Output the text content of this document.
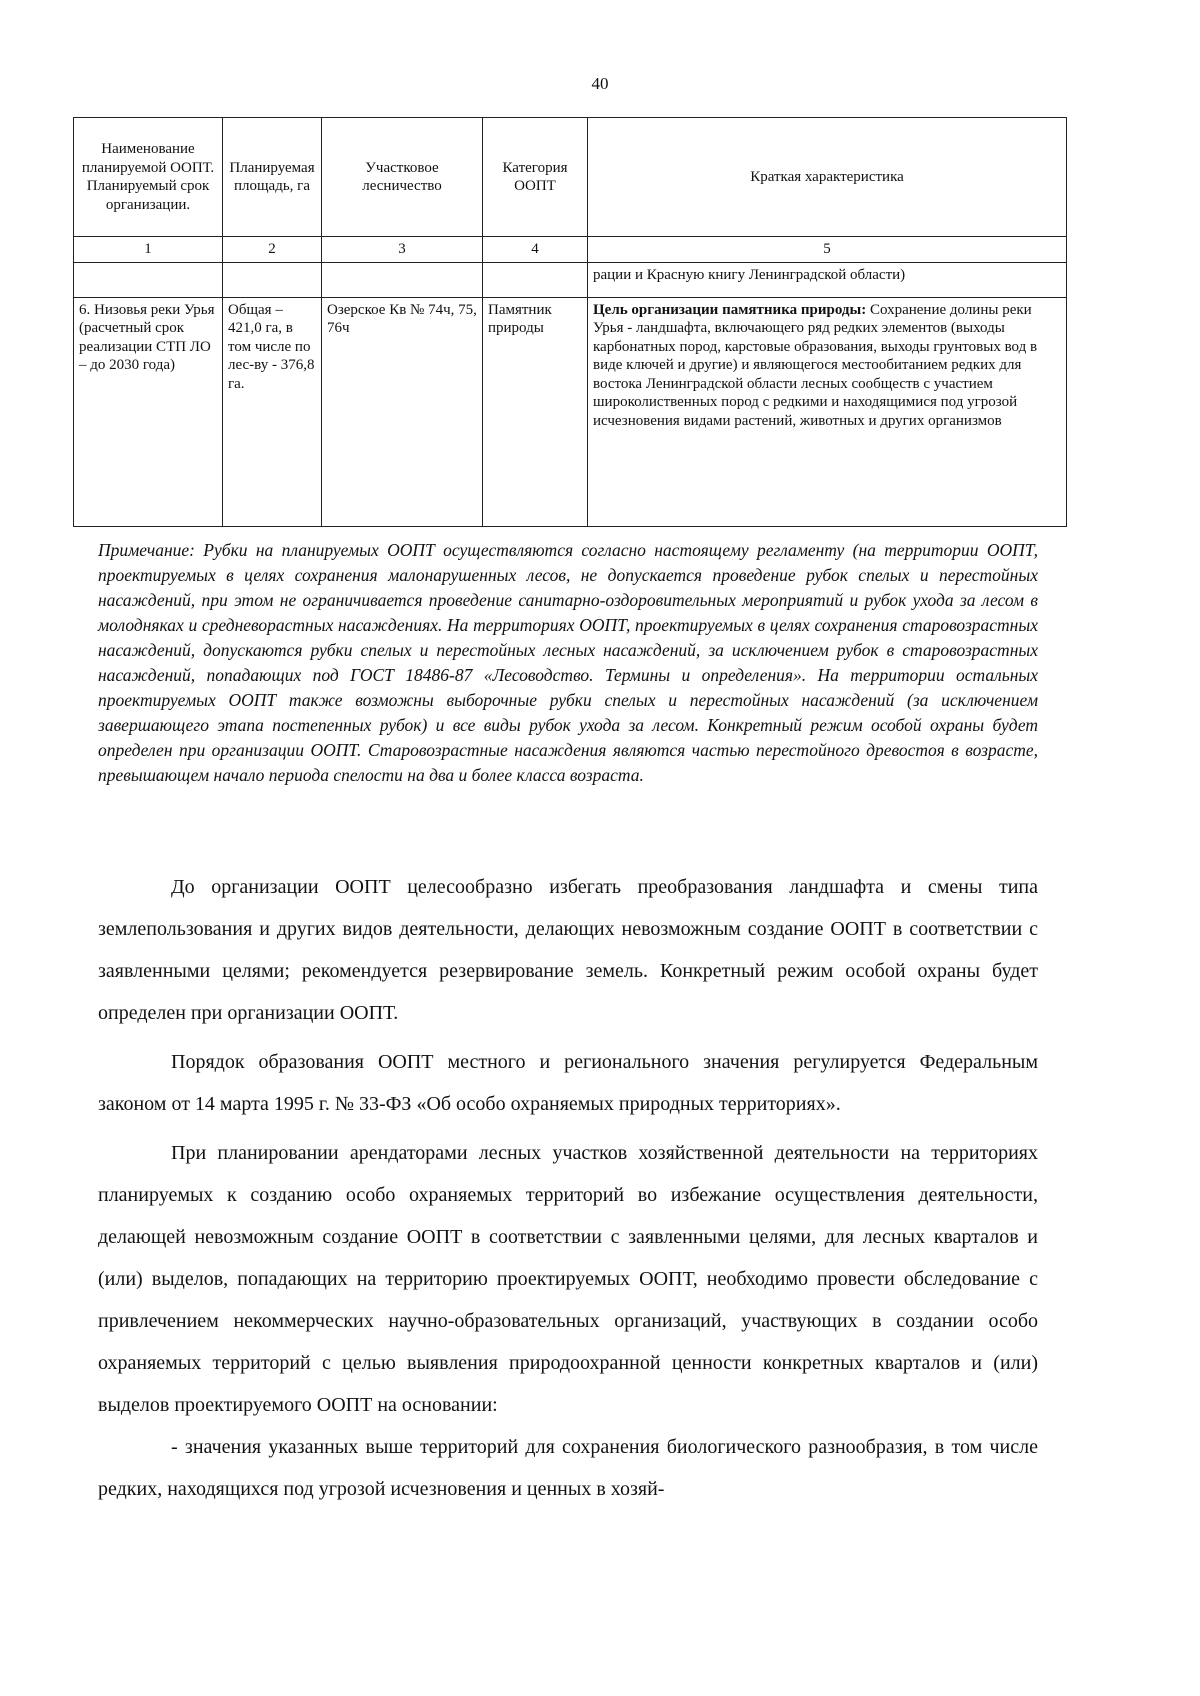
40
Наименование планируемой ООПТ. Планируемый срок организации.	Планируемая площадь, га	Участковое лесничество	Категория ООПТ	Краткая характеристика
1	2	3	4	5
				рации и Красную книгу Ленинградской области)
6. Низовья реки Урья (расчетный срок реализации СТП ЛО – до 2030 года)	Общая – 421,0 га, в том числе по лес-ву - 376,8 га.	Озерское Кв № 74ч, 75, 76ч	Памятник природы	Цель организации памятника природы: Сохранение долины реки Урья - ландшафта, включающего ряд редких элементов (выходы карбонатных пород, карстовые образования, выходы грунтовых вод в виде ключей и другие) и являющегося местообитанием редких для востока Ленинградской области лесных сообществ с участием широколиственных пород с редкими и находящимися под угрозой исчезновения видами растений, животных и других организмов
Примечание: Рубки на планируемых ООПТ осуществляются согласно настоящему регламенту (на территории ООПТ, проектируемых в целях сохранения малонарушенных лесов, не допускается проведение рубок спелых и перестойных насаждений, при этом не ограничивается проведение санитарно-оздоровительных мероприятий и рубок ухода за лесом в молодняках и средневорастных насаждениях. На территориях ООПТ, проектируемых в целях сохранения старовозрастных насаждений, допускаются рубки спелых и перестойных лесных насаждений, за исключением рубок в старовозрастных насаждений, попадающих под ГОСТ 18486-87 «Лесоводство. Термины и определения». На территории остальных проектируемых ООПТ также возможны выборочные рубки спелых и перестойных насаждений (за исключением завершающего этапа постепенных рубок) и все виды рубок ухода за лесом. Конкретный режим особой охраны будет определен при организации ООПТ. Старовозрастные насаждения являются частью перестойного древостоя в возрасте, превышающем начало периода спелости на два и более класса возраста.

До организации ООПТ целесообразно избегать преобразования ландшафта и смены типа землепользования и других видов деятельности, делающих невозможным создание ООПТ в соответствии с заявленными целями; рекомендуется резервирование земель. Конкретный режим особой охраны будет определен при организации ООПТ.

Порядок образования ООПТ местного и регионального значения регулируется Федеральным законом от 14 марта 1995 г. № 33-ФЗ «Об особо охраняемых природных территориях».

При планировании арендаторами лесных участков хозяйственной деятельности на территориях планируемых к созданию особо охраняемых территорий во избежание осуществления деятельности, делающей невозможным создание ООПТ в соответствии с заявленными целями, для лесных кварталов и (или) выделов, попадающих на территорию проектируемых ООПТ, необходимо провести обследование с привлечением некоммерческих научно-образовательных организаций, участвующих в создании особо охраняемых территорий с целью выявления природоохранной ценности конкретных кварталов и (или) выделов проектируемого ООПТ на основании:

- значения указанных выше территорий для сохранения биологического разнообразия, в том числе редких, находящихся под угрозой исчезновения и ценных в хозяй-
